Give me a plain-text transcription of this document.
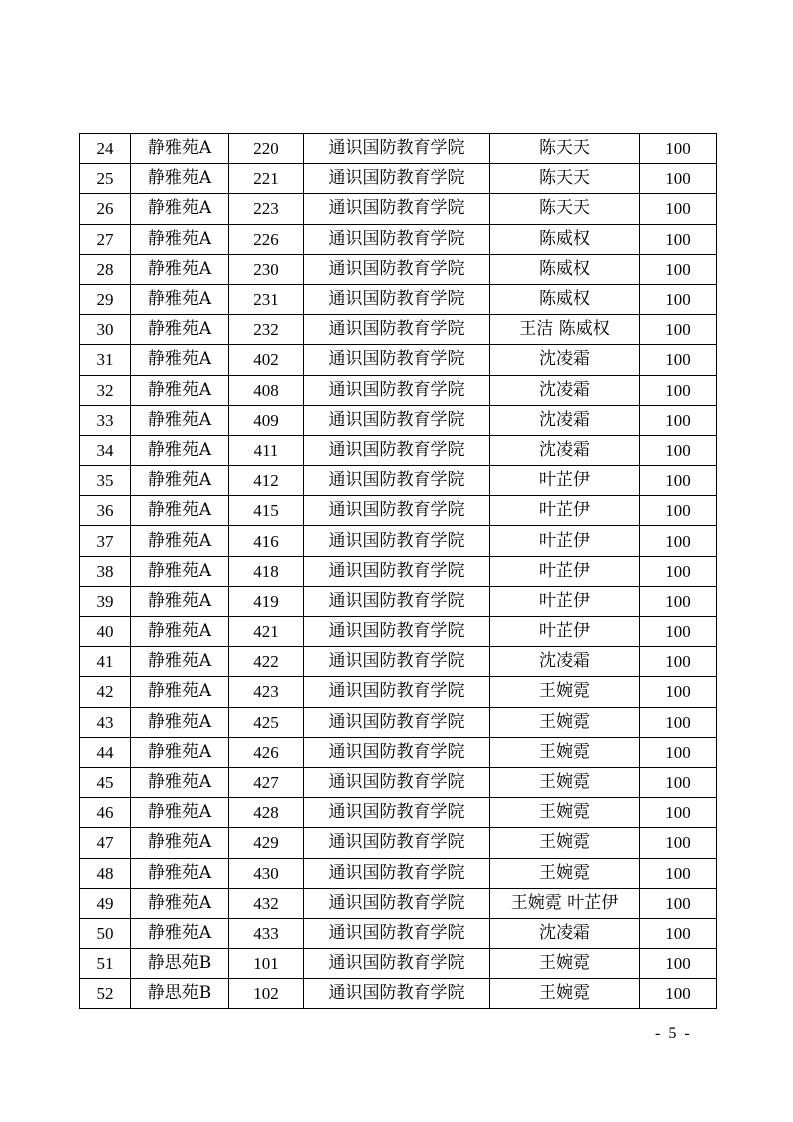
24	静雅苑A	220	通识国防教育学院	陈天天	100
25	静雅苑A	221	通识国防教育学院	陈天天	100
26	静雅苑A	223	通识国防教育学院	陈天天	100
27	静雅苑A	226	通识国防教育学院	陈威权	100
28	静雅苑A	230	通识国防教育学院	陈威权	100
29	静雅苑A	231	通识国防教育学院	陈威权	100
30	静雅苑A	232	通识国防教育学院	王洁 陈威权	100
31	静雅苑A	402	通识国防教育学院	沈凌霜	100
32	静雅苑A	408	通识国防教育学院	沈凌霜	100
33	静雅苑A	409	通识国防教育学院	沈凌霜	100
34	静雅苑A	411	通识国防教育学院	沈凌霜	100
35	静雅苑A	412	通识国防教育学院	叶芷伊	100
36	静雅苑A	415	通识国防教育学院	叶芷伊	100
37	静雅苑A	416	通识国防教育学院	叶芷伊	100
38	静雅苑A	418	通识国防教育学院	叶芷伊	100
39	静雅苑A	419	通识国防教育学院	叶芷伊	100
40	静雅苑A	421	通识国防教育学院	叶芷伊	100
41	静雅苑A	422	通识国防教育学院	沈凌霜	100
42	静雅苑A	423	通识国防教育学院	王婉霓	100
43	静雅苑A	425	通识国防教育学院	王婉霓	100
44	静雅苑A	426	通识国防教育学院	王婉霓	100
45	静雅苑A	427	通识国防教育学院	王婉霓	100
46	静雅苑A	428	通识国防教育学院	王婉霓	100
47	静雅苑A	429	通识国防教育学院	王婉霓	100
48	静雅苑A	430	通识国防教育学院	王婉霓	100
49	静雅苑A	432	通识国防教育学院	王婉霓 叶芷伊	100
50	静雅苑A	433	通识国防教育学院	沈凌霜	100
51	静思苑B	101	通识国防教育学院	王婉霓	100
52	静思苑B	102	通识国防教育学院	王婉霓	100
- 5 -
